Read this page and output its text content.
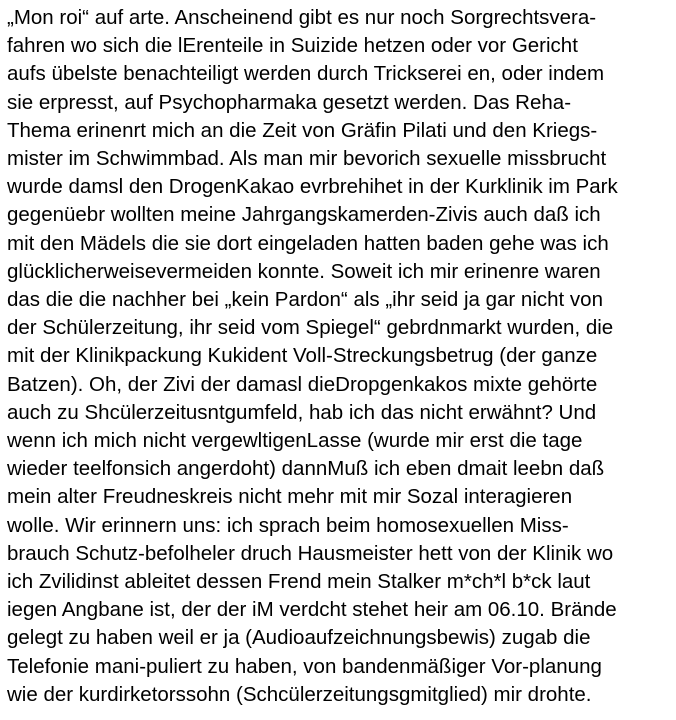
„Mon roi“ auf arte. Anscheinend gibt es nur noch Sorgrechtsvera-
fahren wo sich die lErenteile in Suizide hetzen oder vor Gericht
aufs übelste benachteiligt werden durch Trickserei en, oder indem
sie erpresst, auf Psychopharmaka gesetzt werden. Das Reha-
Thema erinenrt mich an die Zeit von Gräfin Pilati und den Kriegs-
mister im Schwimmbad. Als man mir bevorich sexuelle missbrucht
wurde damsl den DrogenKakao evrbrehihet in der Kurklinik im Park
gegenüebr wollten meine Jahrgangskamerden-Zivis auch daß ich
mit den Mädels die sie dort eingeladen hatten baden gehe was ich
glücklicherweisevermeiden konnte. Soweit ich mir erinenre waren
das die die nachher bei „kein Pardon“ als „ihr seid ja gar nicht von
der Schülerzeitung, ihr seid vom Spiegel“ gebrdnmarkt wurden, die
mit der Klinikpackung Kukident Voll-Streckungsbetrug (der ganze
Batzen). Oh, der Zivi der damasl dieDropgenkakos mixte gehörte
auch zu Shcülerzeitusntgumfeld, hab ich das nicht erwähnt? Und
wenn ich mich nicht vergewltigenLasse (wurde mir erst die tage
wieder teelfonsich angerdoht) dannMuß ich eben dmait leebn daß
mein alter Freudneskreis nicht mehr mit mir Sozal interagieren
wolle. Wir erinnern uns: ich sprach beim homosexuellen Miss-
brauch Schutz-befolheler druch Hausmeister hett von der Klinik wo
ich Zvilidinst ableitet dessen Frend mein Stalker m*ch*l b*ck laut
iegen Angbane ist, der der iM verdcht stehet heir am 06.10. Brände
gelegt zu haben weil er ja (Audioaufzeichnungsbewis) zugab die
Telefonie mani-puliert zu haben, von bandenmäßiger Vor-planung
wie der kurdirketorssohn (Schcülerzeitungsgmitglied) mir drohte.
